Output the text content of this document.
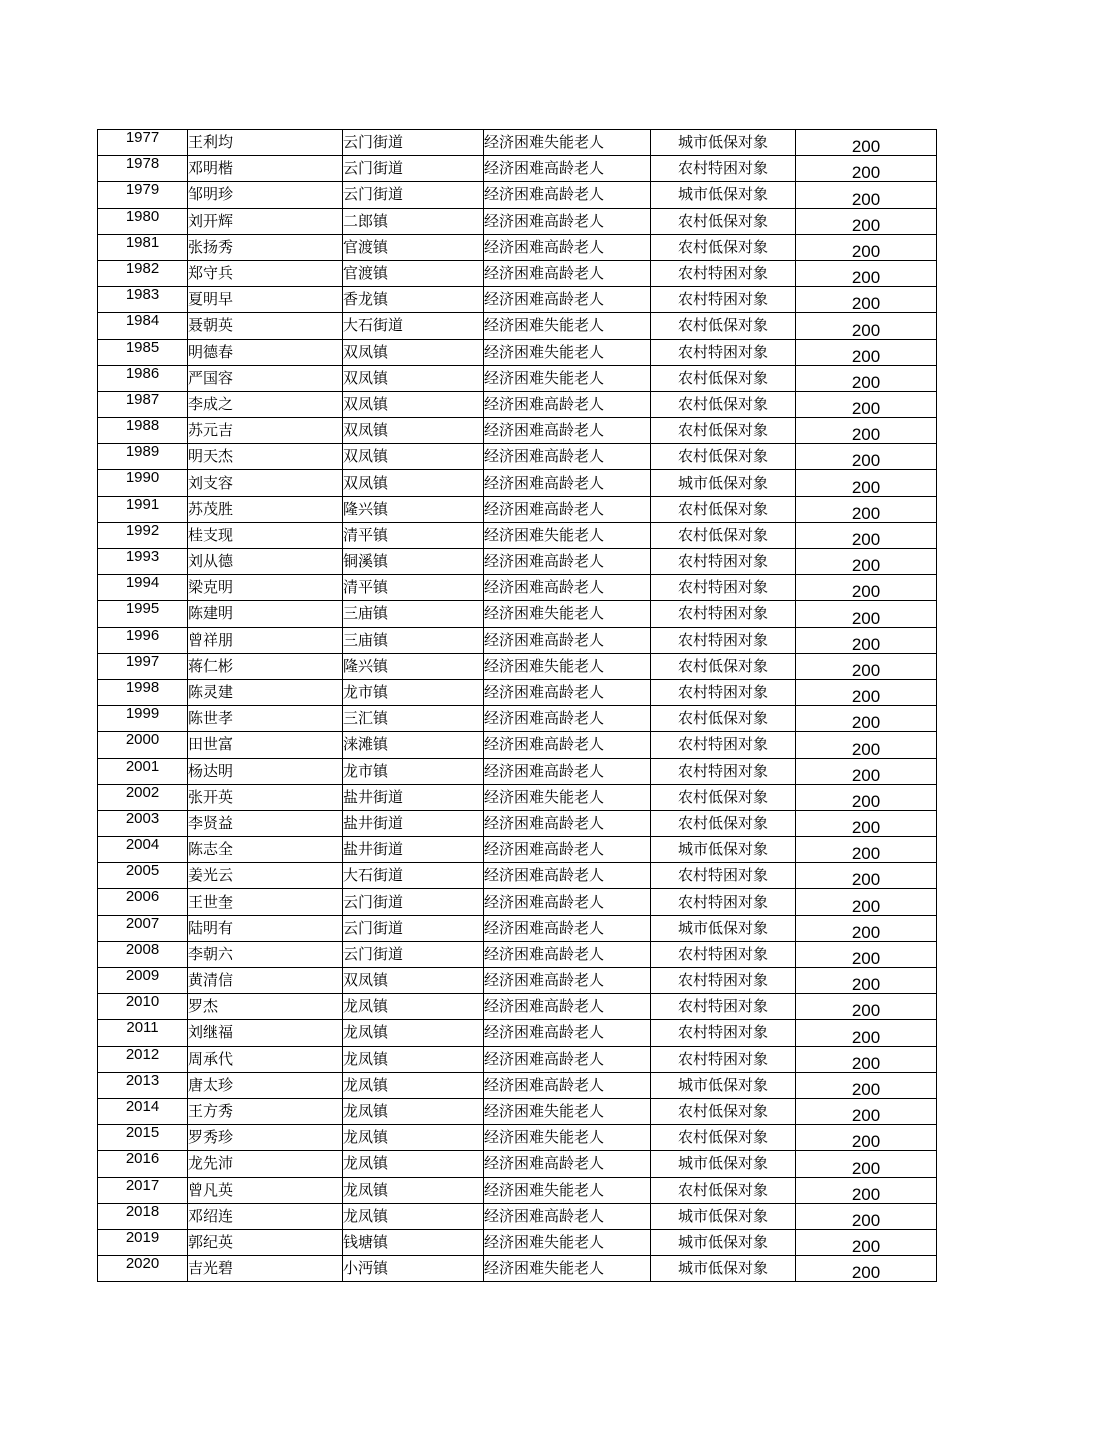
1977	王利均	云门街道	经济困难失能老人	城市低保对象	200
1978	邓明楷	云门街道	经济困难高龄老人	农村特困对象	200
1979	邹明珍	云门街道	经济困难高龄老人	城市低保对象	200
1980	刘开辉	二郎镇	经济困难高龄老人	农村低保对象	200
1981	张扬秀	官渡镇	经济困难高龄老人	农村低保对象	200
1982	郑守兵	官渡镇	经济困难高龄老人	农村特困对象	200
1983	夏明早	香龙镇	经济困难高龄老人	农村特困对象	200
1984	聂朝英	大石街道	经济困难失能老人	农村低保对象	200
1985	明德春	双凤镇	经济困难失能老人	农村特困对象	200
1986	严国容	双凤镇	经济困难失能老人	农村低保对象	200
1987	李成之	双凤镇	经济困难高龄老人	农村低保对象	200
1988	苏元吉	双凤镇	经济困难高龄老人	农村低保对象	200
1989	明天杰	双凤镇	经济困难高龄老人	农村低保对象	200
1990	刘支容	双凤镇	经济困难高龄老人	城市低保对象	200
1991	苏茂胜	隆兴镇	经济困难高龄老人	农村低保对象	200
1992	桂支现	清平镇	经济困难失能老人	农村低保对象	200
1993	刘从德	铜溪镇	经济困难高龄老人	农村特困对象	200
1994	梁克明	清平镇	经济困难高龄老人	农村特困对象	200
1995	陈建明	三庙镇	经济困难失能老人	农村特困对象	200
1996	曾祥朋	三庙镇	经济困难高龄老人	农村特困对象	200
1997	蒋仁彬	隆兴镇	经济困难失能老人	农村低保对象	200
1998	陈灵建	龙市镇	经济困难高龄老人	农村特困对象	200
1999	陈世孝	三汇镇	经济困难高龄老人	农村低保对象	200
2000	田世富	涞滩镇	经济困难高龄老人	农村特困对象	200
2001	杨达明	龙市镇	经济困难高龄老人	农村特困对象	200
2002	张开英	盐井街道	经济困难失能老人	农村低保对象	200
2003	李贤益	盐井街道	经济困难高龄老人	农村低保对象	200
2004	陈志全	盐井街道	经济困难高龄老人	城市低保对象	200
2005	姜光云	大石街道	经济困难高龄老人	农村特困对象	200
2006	王世奎	云门街道	经济困难高龄老人	农村特困对象	200
2007	陆明有	云门街道	经济困难高龄老人	城市低保对象	200
2008	李朝六	云门街道	经济困难高龄老人	农村特困对象	200
2009	黄清信	双凤镇	经济困难高龄老人	农村特困对象	200
2010	罗杰	龙凤镇	经济困难高龄老人	农村特困对象	200
2011	刘继福	龙凤镇	经济困难高龄老人	农村特困对象	200
2012	周承代	龙凤镇	经济困难高龄老人	农村特困对象	200
2013	唐太珍	龙凤镇	经济困难高龄老人	城市低保对象	200
2014	王方秀	龙凤镇	经济困难失能老人	农村低保对象	200
2015	罗秀珍	龙凤镇	经济困难失能老人	农村低保对象	200
2016	龙先沛	龙凤镇	经济困难高龄老人	城市低保对象	200
2017	曾凡英	龙凤镇	经济困难失能老人	农村低保对象	200
2018	邓绍连	龙凤镇	经济困难高龄老人	城市低保对象	200
2019	郭纪英	钱塘镇	经济困难失能老人	城市低保对象	200
2020	吉光碧	小沔镇	经济困难失能老人	城市低保对象	200
